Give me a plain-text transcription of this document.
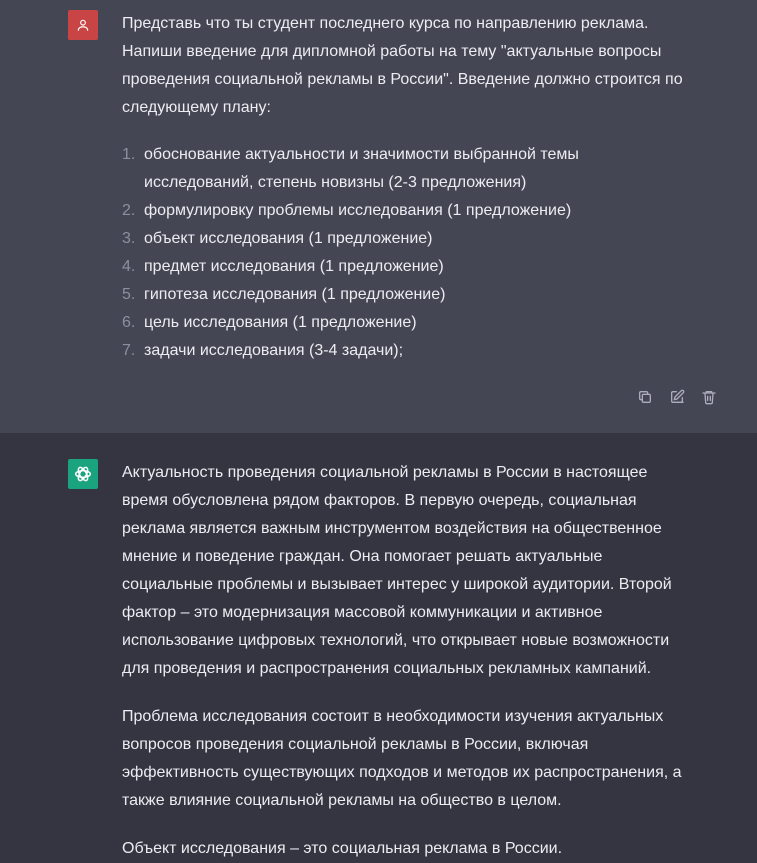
Представь что ты студент последнего курса по направлению реклама. Напиши введение для дипломной работы на тему "актуальные вопросы проведения социальной рекламы в России". Введение должно строится по следующему плану:

1. обоснование актуальности и значимости выбранной темы исследований, степень новизны (2-3 предложения)
2. формулировку проблемы исследования (1 предложение)
3. объект исследования (1 предложение)
4. предмет исследования (1 предложение)
5. гипотеза исследования (1 предложение)
6. цель исследования (1 предложение)
7. задачи исследования (3-4 задачи);

Актуальность проведения социальной рекламы в России в настоящее время обусловлена рядом факторов. В первую очередь, социальная реклама является важным инструментом воздействия на общественное мнение и поведение граждан. Она помогает решать актуальные социальные проблемы и вызывает интерес у широкой аудитории. Второй фактор – это модернизация массовой коммуникации и активное использование цифровых технологий, что открывает новые возможности для проведения и распространения социальных рекламных кампаний.

Проблема исследования состоит в необходимости изучения актуальных вопросов проведения социальной рекламы в России, включая эффективность существующих подходов и методов их распространения, а также влияние социальной рекламы на общество в целом.

Объект исследования – это социальная реклама в России.
